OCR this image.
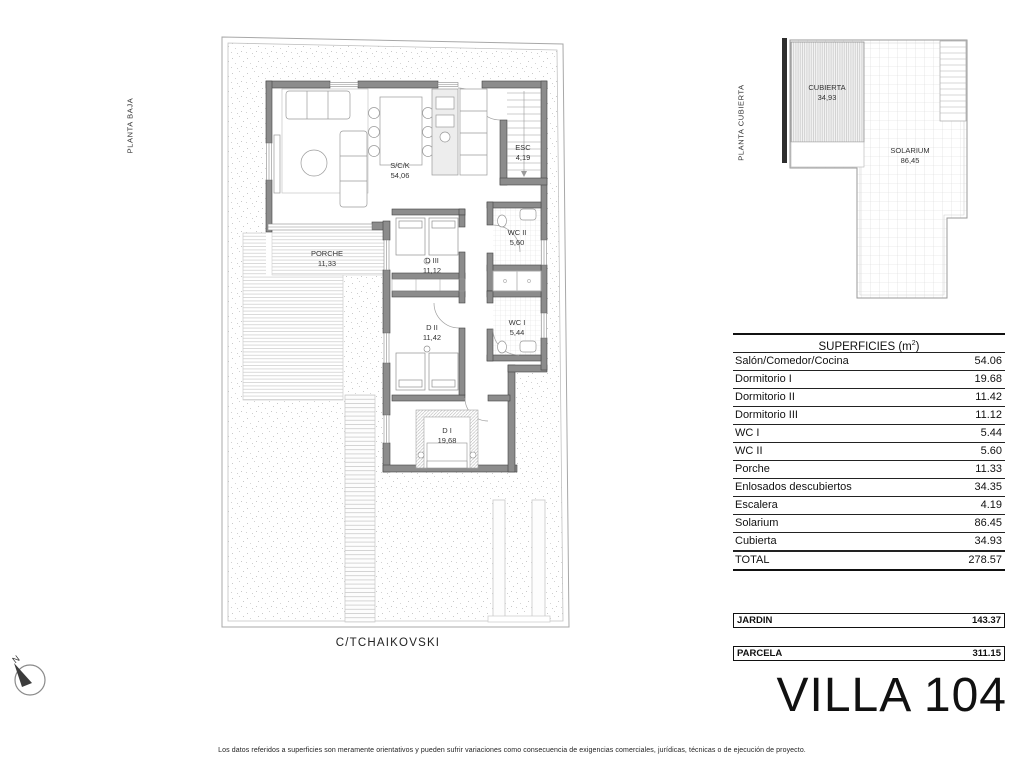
PLANTA BAJA	PLANTA CUBIERTA
S/C/K
54,06
PORCHE
11,33	D III
11,12
D II
11,42
D I
19,68
WC II
5,60
WC I
5,44
ESC
4,19
CUBIERTA
34,93
SOLARIUM
86,45
C/TCHAIKOVSKI
SUPERFICIES $(m^2)$
Salón/Comedor/Cocina	54.06
Dormitorio I	19.68
Dormitorio II	11.42
Dormitorio III	11.12
WC I	5.44
WC II	5.60
Porche	11.33
Enlosados descubiertos	34.35
Escalera	4.19
Solarium	86.45
Cubierta	34.93
TOTAL	278.57
JARDIN	143.37
PARCELA	311.15
VILLA 104
N
Los datos referidos a superficies son meramente orientativos y pueden sufrir variaciones como consecuencia de exigencias comerciales, jurídicas, técnicas o de ejecución de proyecto.
